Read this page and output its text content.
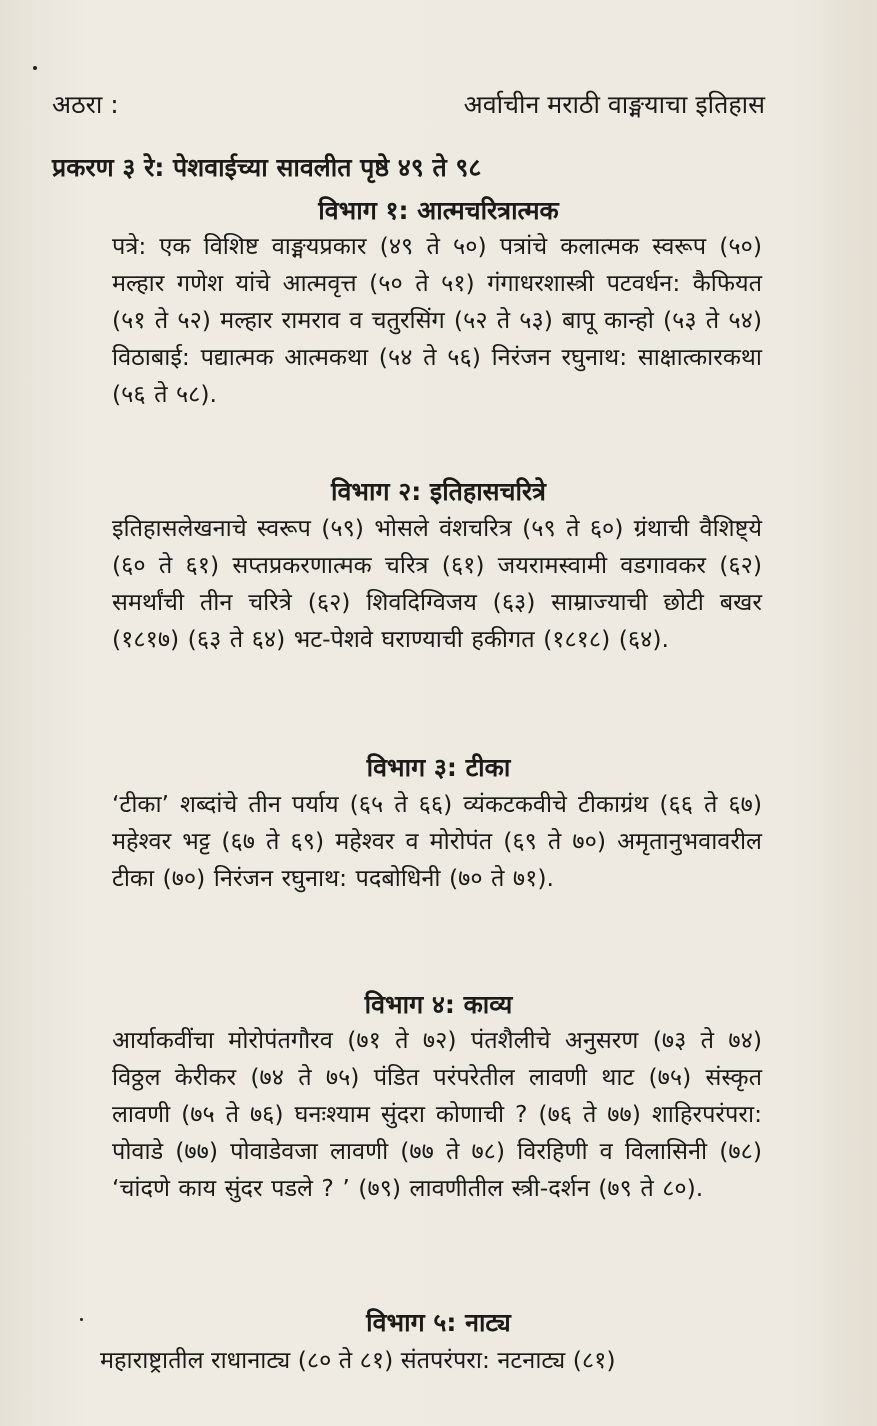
अठरा :	अर्वाचीन मराठी वाङ्मयाचा इतिहास
प्रकरण ३ रे: पेशवाईच्या सावलीत पृष्ठे ४९ ते ९८
विभाग १: आत्मचरित्रात्मक
पत्रे: एक विशिष्ट वाङ्मयप्रकार (४९ ते ५०) पत्रांचे कलात्मक स्वरूप (५०) मल्हार गणेश यांचे आत्मवृत्त (५० ते ५१) गंगाधरशास्त्री पटवर्धन: कैफियत (५१ ते ५२) मल्हार रामराव व चतुरसिंग (५२ ते ५३) बापू कान्हो (५३ ते ५४) विठाबाई: पद्यात्मक आत्मकथा (५४ ते ५६) निरंजन रघुनाथ: साक्षात्कारकथा (५६ ते ५८).
विभाग २: इतिहासचरित्रे
इतिहासलेखनाचे स्वरूप (५९) भोसले वंशचरित्र (५९ ते ६०) ग्रंथाची वैशिष्ट्ये (६० ते ६१) सप्तप्रकरणात्मक चरित्र (६१) जयरामस्वामी वडगावकर (६२) समर्थांची तीन चरित्रे (६२) शिवदिग्विजय (६३) साम्राज्याची छोटी बखर (१८१७) (६३ ते ६४) भट-पेशवे घराण्याची हकीगत (१८१८) (६४).
विभाग ३: टीका
‘टीका’ शब्दांचे तीन पर्याय (६५ ते ६६) व्यंकटकवीचे टीकाग्रंथ (६६ ते ६७) महेश्वर भट्ट (६७ ते ६९) महेश्वर व मोरोपंत (६९ ते ७०) अमृतानुभवावरील टीका (७०) निरंजन रघुनाथ: पदबोधिनी (७० ते ७१).
विभाग ४: काव्य
आर्याकवींचा मोरोपंतगौरव (७१ ते ७२) पंतशैलीचे अनुसरण (७३ ते ७४) विठ्ठल केरीकर (७४ ते ७५) पंडित परंपरेतील लावणी थाट (७५) संस्कृत लावणी (७५ ते ७६) घनःश्याम सुंदरा कोणाची ? (७६ ते ७७) शाहिरपरंपरा: पोवाडे (७७) पोवाडेवजा लावणी (७७ ते ७८) विरहिणी व विलासिनी (७८) ‘चांदणे काय सुंदर पडले ? ’ (७९) लावणीतील स्त्री-दर्शन (७९ ते ८०).
विभाग ५: नाट्य
महाराष्ट्रातील राधानाट्य (८० ते ८१) संतपरंपरा: नटनाट्य (८१)
